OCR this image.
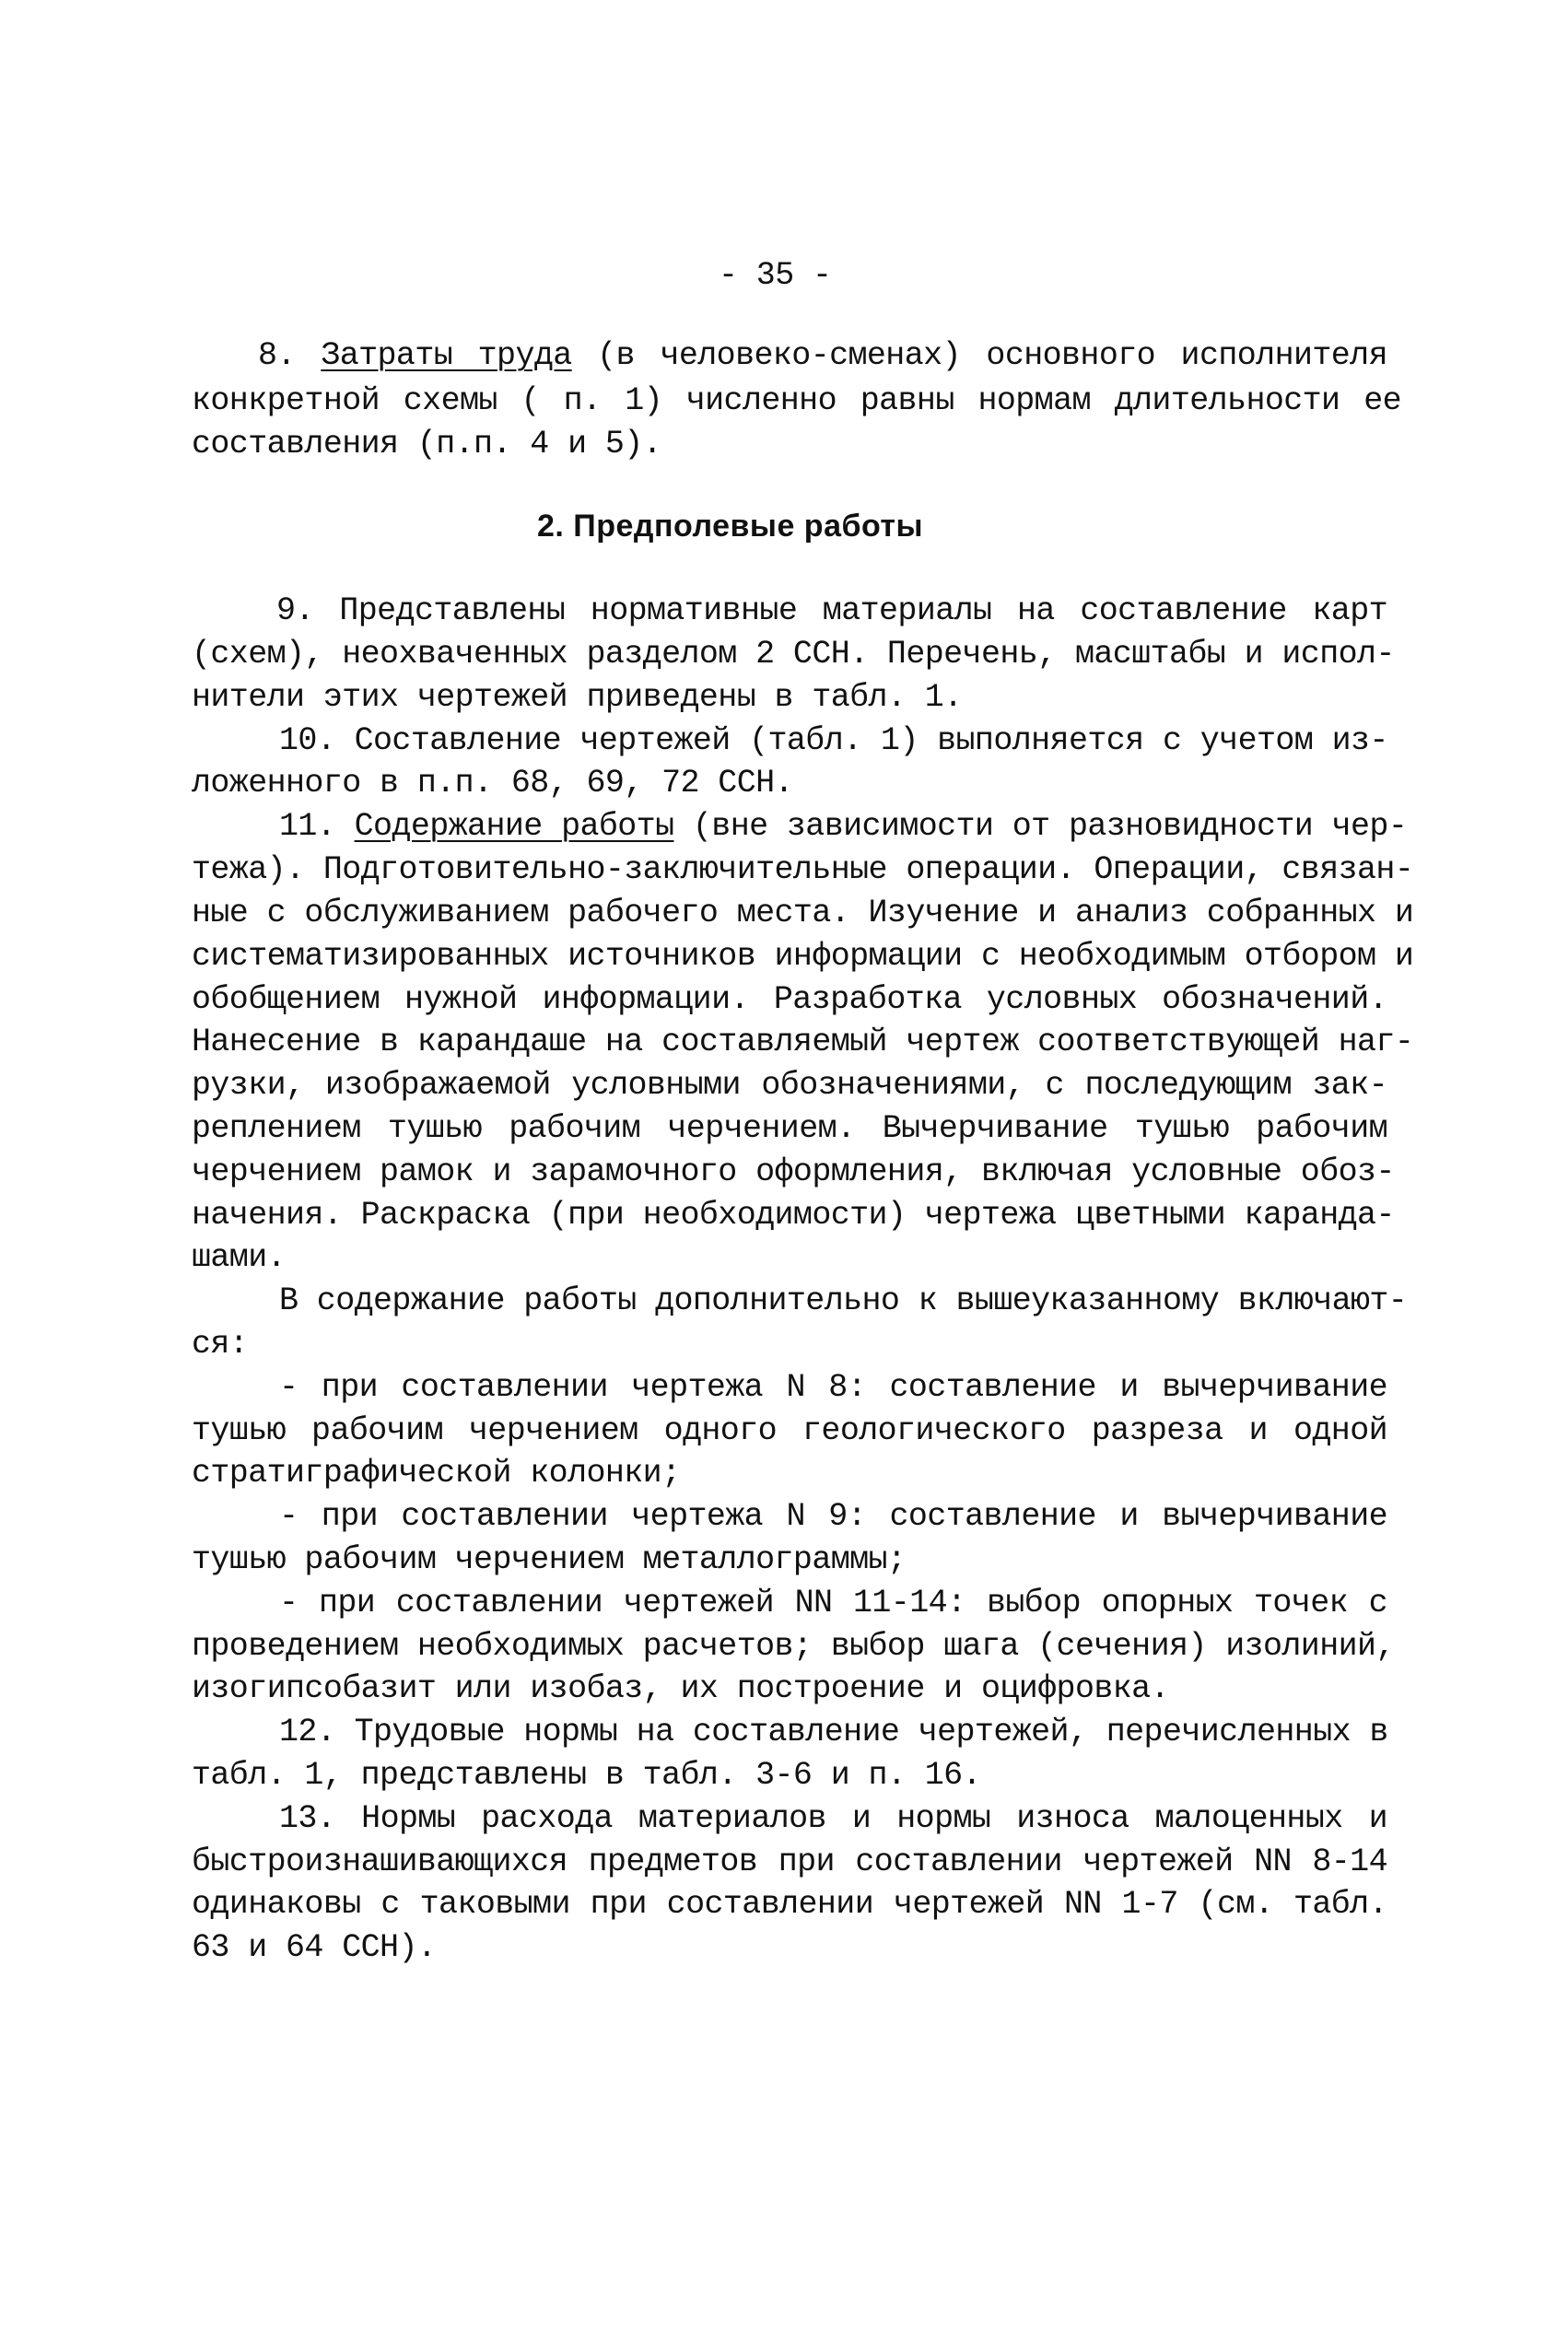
- 35 -
8. Затраты труда (в человеко-сменах) основного исполнителя
конкретной схемы ( п. 1) численно равны нормам длительности ее
составления (п.п. 4 и 5).
2. Предполевые работы
9. Представлены нормативные материалы на составление карт
(схем), неохваченных разделом 2 ССН. Перечень, масштабы и испол-
нители этих чертежей приведены в табл. 1.
10. Составление чертежей (табл. 1) выполняется с учетом из-
ложенного в п.п. 68, 69, 72 ССН.
11. Содержание работы (вне зависимости от разновидности чер-
тежа). Подготовительно-заключительные операции. Операции, связан-
ные с обслуживанием рабочего места. Изучение и анализ собранных и
систематизированных источников информации с необходимым отбором и
обобщением нужной информации. Разработка условных обозначений.
Нанесение в карандаше на составляемый чертеж соответствующей наг-
рузки, изображаемой условными обозначениями, с последующим зак-
реплением тушью рабочим черчением. Вычерчивание тушью рабочим
черчением рамок и зарамочного оформления, включая условные обоз-
начения. Раскраска (при необходимости) чертежа цветными каранда-
шами.
В содержание работы дополнительно к вышеуказанному включают-
ся:
- при составлении чертежа N 8: составление и вычерчивание
тушью рабочим черчением одного геологического разреза и одной
стратиграфической колонки;
- при составлении чертежа N 9: составление и вычерчивание
тушью рабочим черчением металлограммы;
- при составлении чертежей NN 11-14: выбор опорных точек с
проведением необходимых расчетов; выбор шага (сечения) изолиний,
изогипсобазит или изобаз, их построение и оцифровка.
12. Трудовые нормы на составление чертежей, перечисленных в
табл. 1, представлены в табл. 3-6 и п. 16.
13. Нормы расхода материалов и нормы износа малоценных и
быстроизнашивающихся предметов при составлении чертежей NN 8-14
одинаковы с таковыми при составлении чертежей NN 1-7 (см. табл.
63 и 64 ССН).
